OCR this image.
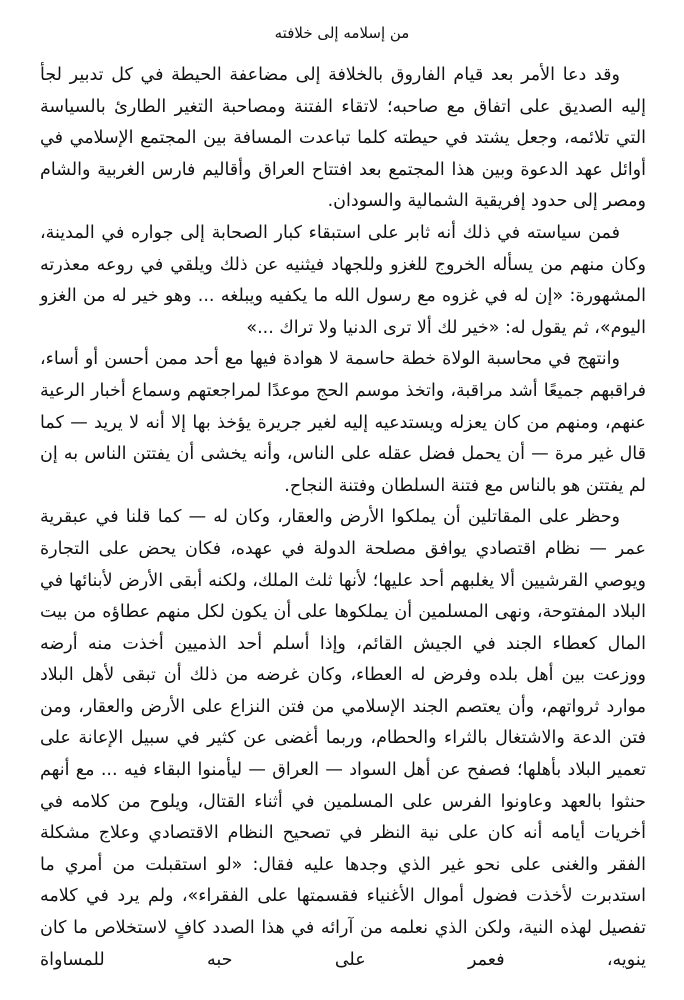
من إسلامه إلى خلافته

وقد دعا الأمر بعد قيام الفاروق بالخلافة إلى مضاعفة الحيطة في كل تدبير لجأ إليه الصديق على اتفاق مع صاحبه؛ لاتقاء الفتنة ومصاحبة التغير الطارئ بالسياسة التي تلائمه، وجعل يشتد في حيطته كلما تباعدت المسافة بين المجتمع الإسلامي في أوائل عهد الدعوة وبين هذا المجتمع بعد افتتاح العراق وأقاليم فارس الغربية والشام ومصر إلى حدود إفريقية الشمالية والسودان.

فمن سياسته في ذلك أنه ثابر على استبقاء كبار الصحابة إلى جواره في المدينة، وكان منهم من يسأله الخروج للغزو وللجهاد فيثنيه عن ذلك ويلقي في روعه معذرته المشهورة: «إن له في غزوه مع رسول الله ما يكفيه ويبلغه ... وهو خير له من الغزو اليوم»، ثم يقول له: «خير لك ألا ترى الدنيا ولا تراك ...»

وانتهج في محاسبة الولاة خطة حاسمة لا هوادة فيها مع أحد ممن أحسن أو أساء، فراقبهم جميعًا أشد مراقبة، واتخذ موسم الحج موعدًا لمراجعتهم وسماع أخبار الرعية عنهم، ومنهم من كان يعزله ويستدعيه إليه لغير جريرة يؤخذ بها إلا أنه لا يريد — كما قال غير مرة — أن يحمل فضل عقله على الناس، وأنه يخشى أن يفتتن الناس به إن لم يفتتن هو بالناس مع فتنة السلطان وفتنة النجاح.

وحظر على المقاتلين أن يملكوا الأرض والعقار، وكان له — كما قلنا في عبقرية عمر — نظام اقتصادي يوافق مصلحة الدولة في عهده، فكان يحض على التجارة ويوصي القرشيين ألا يغلبهم أحد عليها؛ لأنها ثلث الملك، ولكنه أبقى الأرض لأبنائها في البلاد المفتوحة، ونهى المسلمين أن يملكوها على أن يكون لكل منهم عطاؤه من بيت المال كعطاء الجند في الجيش القائم، وإذا أسلم أحد الذميين أخذت منه أرضه ووزعت بين أهل بلده وفرض له العطاء، وكان غرضه من ذلك أن تبقى لأهل البلاد موارد ثرواتهم، وأن يعتصم الجند الإسلامي من فتن النزاع على الأرض والعقار، ومن فتن الدعة والاشتغال بالثراء والحطام، وربما أغضى عن كثير في سبيل الإعانة على تعمير البلاد بأهلها؛ فصفح عن أهل السواد — العراق — ليأمنوا البقاء فيه ... مع أنهم حنثوا بالعهد وعاونوا الفرس على المسلمين في أثناء القتال، ويلوح من كلامه في أخريات أيامه أنه كان على نية النظر في تصحيح النظام الاقتصادي وعلاج مشكلة الفقر والغنى على نحو غير الذي وجدها عليه فقال: «لو استقبلت من أمري ما استدبرت لأخذت فضول أموال الأغنياء فقسمتها على الفقراء»، ولم يرد في كلامه تفصيل لهذه النية، ولكن الذي نعلمه من آرائه في هذا الصدد كافٍ لاستخلاص ما كان ينويه، فعمر على حبه للمساواة
